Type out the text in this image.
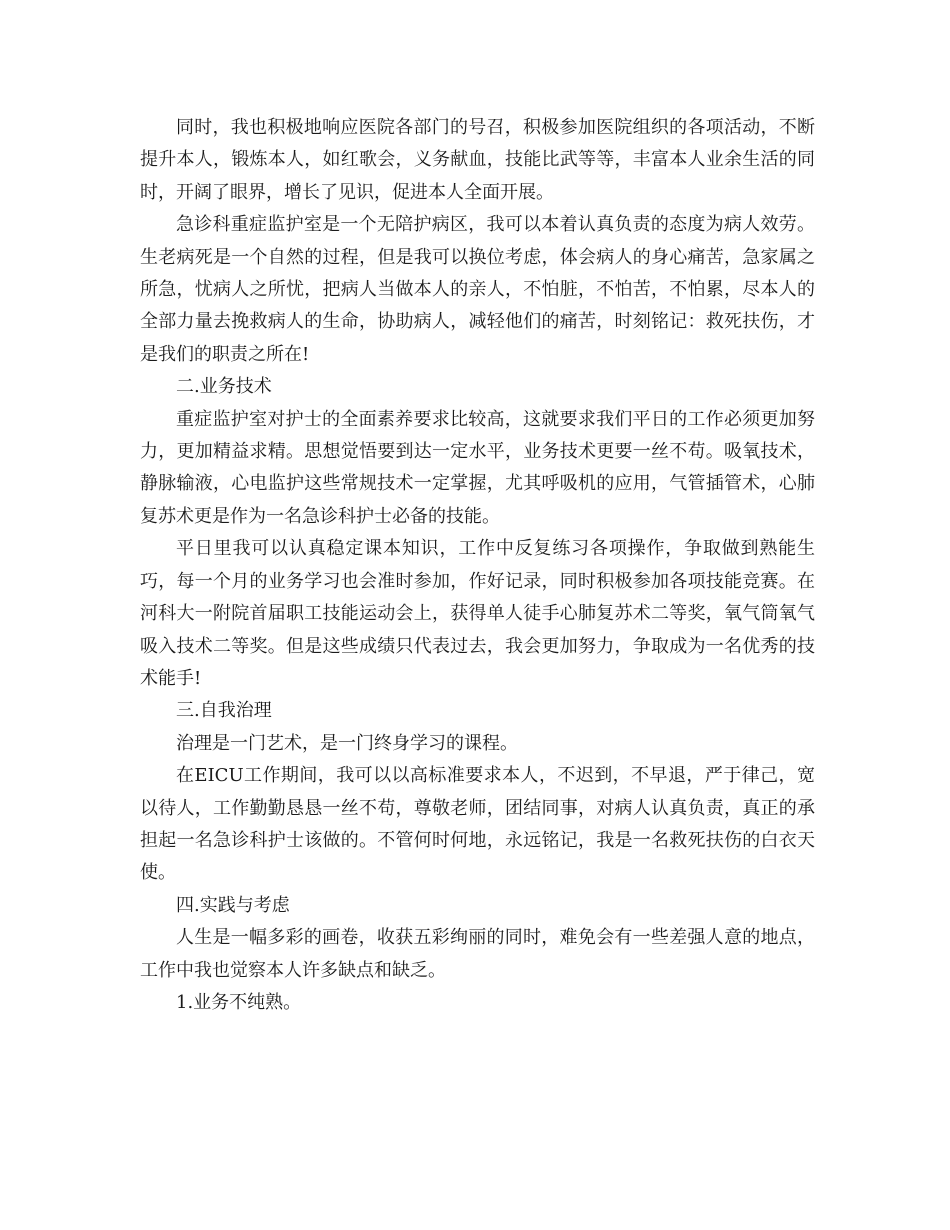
同时，我也积极地响应医院各部门的号召，积极参加医院组织的各项活动，不断提升本人，锻炼本人，如红歌会，义务献血，技能比武等等，丰富本人业余生活的同时，开阔了眼界，增长了见识，促进本人全面开展。

急诊科重症监护室是一个无陪护病区，我可以本着认真负责的态度为病人效劳。生老病死是一个自然的过程，但是我可以换位考虑，体会病人的身心痛苦，急家属之所急，忧病人之所忧，把病人当做本人的亲人，不怕脏，不怕苦，不怕累，尽本人的全部力量去挽救病人的生命，协助病人，减轻他们的痛苦，时刻铭记：救死扶伤，才是我们的职责之所在!

二.业务技术

重症监护室对护士的全面素养要求比较高，这就要求我们平日的工作必须更加努力，更加精益求精。思想觉悟要到达一定水平，业务技术更要一丝不苟。吸氧技术，静脉输液，心电监护这些常规技术一定掌握，尤其呼吸机的应用，气管插管术，心肺复苏术更是作为一名急诊科护士必备的技能。

平日里我可以认真稳定课本知识，工作中反复练习各项操作，争取做到熟能生巧，每一个月的业务学习也会准时参加，作好记录，同时积极参加各项技能竞赛。在河科大一附院首届职工技能运动会上，获得单人徒手心肺复苏术二等奖，氧气筒氧气吸入技术二等奖。但是这些成绩只代表过去，我会更加努力，争取成为一名优秀的技术能手!

三.自我治理

治理是一门艺术，是一门终身学习的课程。

在EICU工作期间，我可以以高标准要求本人，不迟到，不早退，严于律己，宽以待人，工作勤勤恳恳一丝不苟，尊敬老师，团结同事，对病人认真负责，真正的承担起一名急诊科护士该做的。不管何时何地，永远铭记，我是一名救死扶伤的白衣天使。

四.实践与考虑

人生是一幅多彩的画卷，收获五彩绚丽的同时，难免会有一些差强人意的地点，工作中我也觉察本人许多缺点和缺乏。

1.业务不纯熟。
